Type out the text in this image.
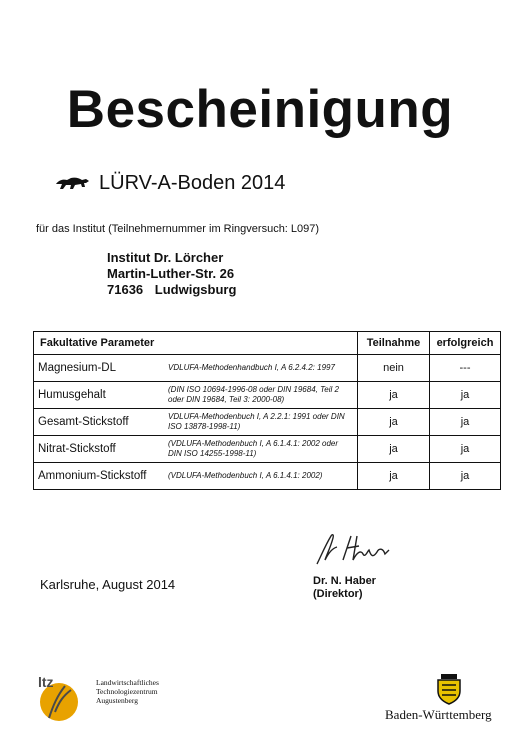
Bescheinigung
LÜRV-A-Boden 2014
für das Institut (Teilnehmernummer im Ringversuch: L097)
Institut Dr. Lörcher
Martin-Luther-Str. 26
71636 Ludwigsburg
Fakultative Parameter	Teilnahme	erfolgreich

Magnesium-DL VDLUFA-Methodenhandbuch I, A 6.2.4.2: 1997	nein	---

Humusgehalt (DIN ISO 10694-1996-08 oder DIN 19684, Teil 2 oder DIN 19684, Teil 3: 2000-08)	ja	ja

Gesamt-Stickstoff VDLUFA-Methodenbuch I, A 2.2.1: 1991 oder DIN ISO 13878-1998-11)	ja	ja

Nitrat-Stickstoff (VDLUFA-Methodenbuch I, A 6.1.4.1: 2002 oder DIN ISO 14255-1998-11)	ja	ja

Ammonium-Stickstoff (VDLUFA-Methodenbuch I, A 6.1.4.1: 2002)	ja	ja
Karlsruhe, August 2014	Dr. N. Haber
(Direktor)
ltz	Landwirtschaftliches
Technologiezentrum
Augustenberg
Baden-Württemberg
